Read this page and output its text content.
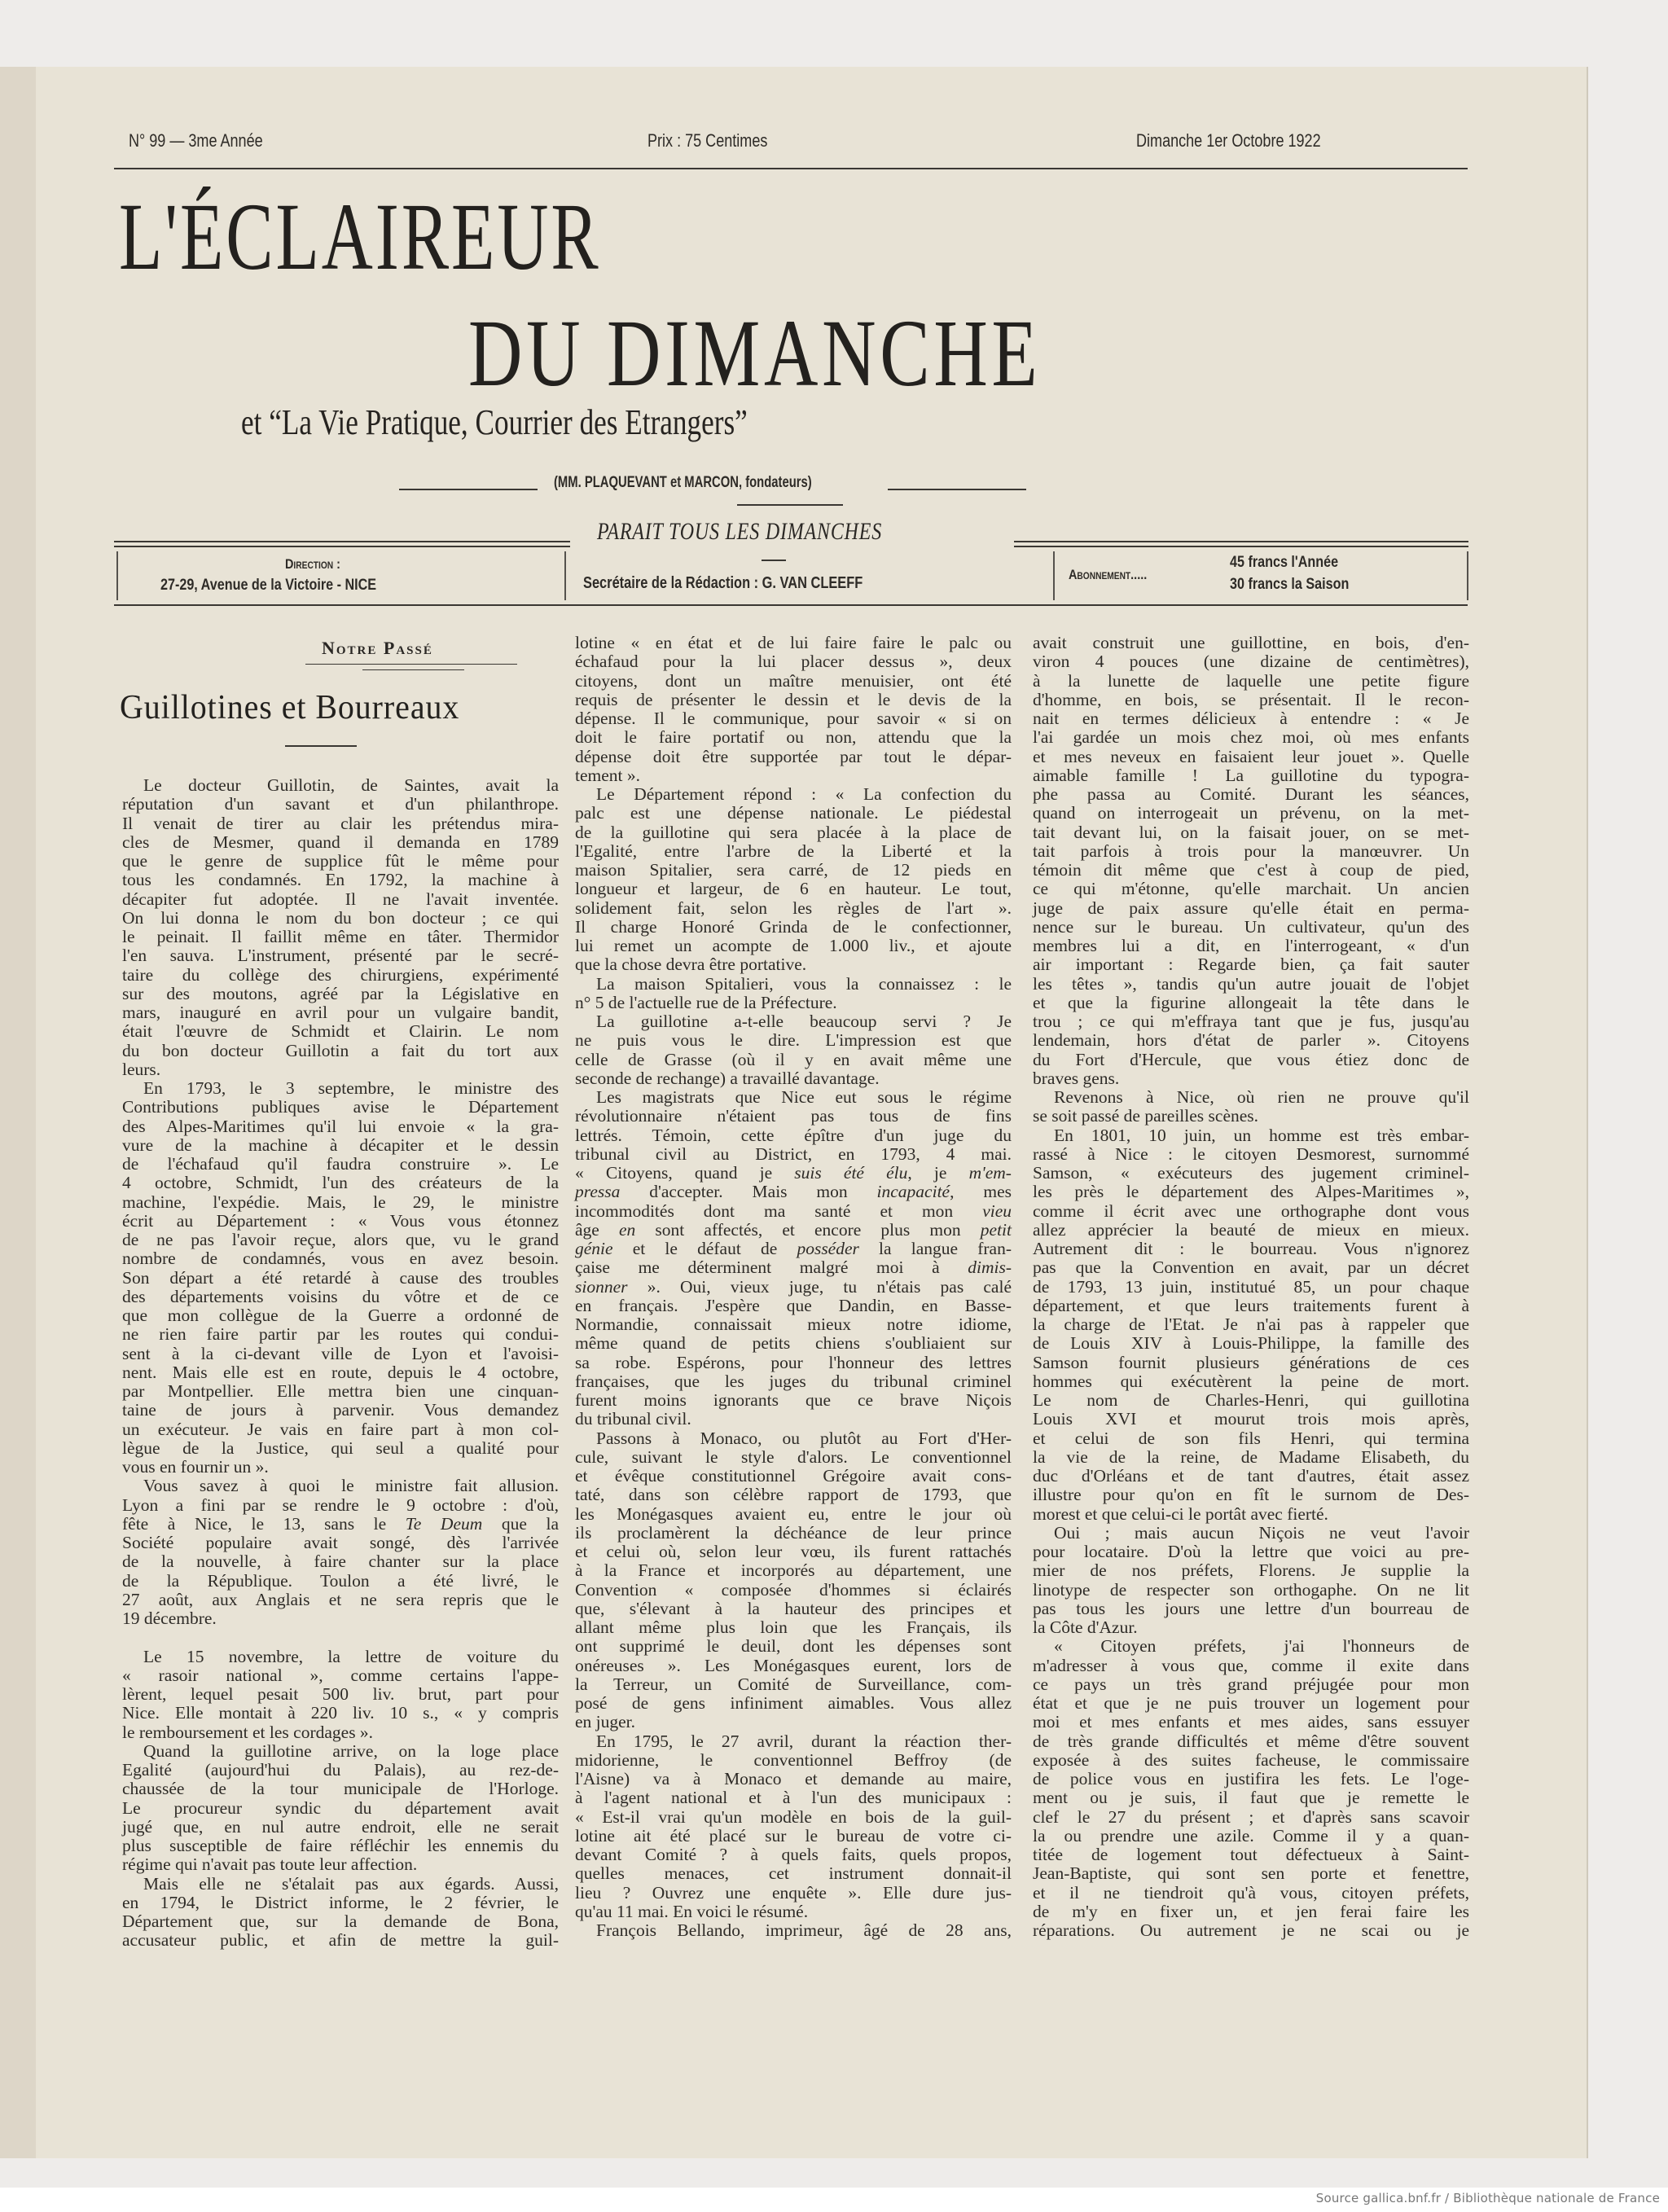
N° 99 — 3me Année	Prix : 75 Centimes	Dimanche 1er Octobre 1922
L'ÉCLAIREUR
DU DIMANCHE
et “La Vie Pratique, Courrier des Etrangers”
(MM. PLAQUEVANT et MARCON, fondateurs)
PARAIT TOUS LES DIMANCHES
Direction :
27-29, Avenue de la Victoire - NICE	Secrétaire de la Rédaction : G. VAN CLEEFF	Abonnement.....
45 francs l'Année
30 francs la Saison
Notre Passé
Guillotines et Bourreaux
Le docteur Guillotin, de Saintes, avait la
réputation d'un savant et d'un philanthrope.
Il venait de tirer au clair les prétendus mira-
cles de Mesmer, quand il demanda en 1789
que le genre de supplice fût le même pour
tous les condamnés. En 1792, la machine à
décapiter fut adoptée. Il ne l'avait inventée.
On lui donna le nom du bon docteur ; ce qui
le peinait. Il faillit même en tâter. Thermidor
l'en sauva. L'instrument, présenté par le secré-
taire du collège des chirurgiens, expérimenté
sur des moutons, agréé par la Législative en
mars, inauguré en avril pour un vulgaire bandit,
était l'œuvre de Schmidt et Clairin. Le nom
du bon docteur Guillotin a fait du tort aux
leurs.
En 1793, le 3 septembre, le ministre des
Contributions publiques avise le Département
des Alpes-Maritimes qu'il lui envoie « la gra-
vure de la machine à décapiter et le dessin
de l'échafaud qu'il faudra construire ». Le
4 octobre, Schmidt, l'un des créateurs de la
machine, l'expédie. Mais, le 29, le ministre
écrit au Département : « Vous vous étonnez
de ne pas l'avoir reçue, alors que, vu le grand
nombre de condamnés, vous en avez besoin.
Son départ a été retardé à cause des troubles
des départements voisins du vôtre et de ce
que mon collègue de la Guerre a ordonné de
ne rien faire partir par les routes qui condui-
sent à la ci-devant ville de Lyon et l'avoisi-
nent. Mais elle est en route, depuis le 4 octobre,
par Montpellier. Elle mettra bien une cinquan-
taine de jours à parvenir. Vous demandez
un exécuteur. Je vais en faire part à mon col-
lègue de la Justice, qui seul a qualité pour
vous en fournir un ».
Vous savez à quoi le ministre fait allusion.
Lyon a fini par se rendre le 9 octobre : d'où,
fête à Nice, le 13, sans le Te Deum que la
Société populaire avait songé, dès l'arrivée
de la nouvelle, à faire chanter sur la place
de la République. Toulon a été livré, le
27 août, aux Anglais et ne sera repris que le
19 décembre.
Le 15 novembre, la lettre de voiture du
« rasoir national », comme certains l'appe-
lèrent, lequel pesait 500 liv. brut, part pour
Nice. Elle montait à 220 liv. 10 s., « y compris
le remboursement et les cordages ».
Quand la guillotine arrive, on la loge place
Egalité (aujourd'hui du Palais), au rez-de-
chaussée de la tour municipale de l'Horloge.
Le procureur syndic du département avait
jugé que, en nul autre endroit, elle ne serait
plus susceptible de faire réfléchir les ennemis du
régime qui n'avait pas toute leur affection.
Mais elle ne s'étalait pas aux égards. Aussi,
en 1794, le District informe, le 2 février, le
Département que, sur la demande de Bona,
accusateur public, et afin de mettre la guil-
lotine « en état et de lui faire faire le palc ou
échafaud pour la lui placer dessus », deux
citoyens, dont un maître menuisier, ont été
requis de présenter le dessin et le devis de la
dépense. Il le communique, pour savoir « si on
doit le faire portatif ou non, attendu que la
dépense doit être supportée par tout le dépar-
tement ».
Le Département répond : « La confection du
palc est une dépense nationale. Le piédestal
de la guillotine qui sera placée à la place de
l'Egalité, entre l'arbre de la Liberté et la
maison Spitalier, sera carré, de 12 pieds en
longueur et largeur, de 6 en hauteur. Le tout,
solidement fait, selon les règles de l'art ».
Il charge Honoré Grinda de le confectionner,
lui remet un acompte de 1.000 liv., et ajoute
que la chose devra être portative.
La maison Spitalieri, vous la connaissez : le
n° 5 de l'actuelle rue de la Préfecture.
La guillotine a-t-elle beaucoup servi ? Je
ne puis vous le dire. L'impression est que
celle de Grasse (où il y en avait même une
seconde de rechange) a travaillé davantage.
Les magistrats que Nice eut sous le régime
révolutionnaire n'étaient pas tous de fins
lettrés. Témoin, cette épître d'un juge du
tribunal civil au District, en 1793, 4 mai.
« Citoyens, quand je suis été élu, je m'em-
pressa d'accepter. Mais mon incapacité, mes
incommodités dont ma santé et mon vieu
âge en sont affectés, et encore plus mon petit
génie et le défaut de posséder la langue fran-
çaise me déterminent malgré moi à dimis-
sionner ». Oui, vieux juge, tu n'étais pas calé
en français. J'espère que Dandin, en Basse-
Normandie, connaissait mieux notre idiome,
même quand de petits chiens s'oubliaient sur
sa robe. Espérons, pour l'honneur des lettres
françaises, que les juges du tribunal criminel
furent moins ignorants que ce brave Niçois
du tribunal civil.
Passons à Monaco, ou plutôt au Fort d'Her-
cule, suivant le style d'alors. Le conventionnel
et évêque constitutionnel Grégoire avait cons-
taté, dans son célèbre rapport de 1793, que
les Monégasques avaient eu, entre le jour où
ils proclamèrent la déchéance de leur prince
et celui où, selon leur vœu, ils furent rattachés
à la France et incorporés au département, une
Convention « composée d'hommes si éclairés
que, s'élevant à la hauteur des principes et
allant même plus loin que les Français, ils
ont supprimé le deuil, dont les dépenses sont
onéreuses ». Les Monégasques eurent, lors de
la Terreur, un Comité de Surveillance, com-
posé de gens infiniment aimables. Vous allez
en juger.
En 1795, le 27 avril, durant la réaction ther-
midorienne, le conventionnel Beffroy (de
l'Aisne) va à Monaco et demande au maire,
à l'agent national et à l'un des municipaux :
« Est-il vrai qu'un modèle en bois de la guil-
lotine ait été placé sur le bureau de votre ci-
devant Comité ? à quels faits, quels propos,
quelles menaces, cet instrument donnait-il
lieu ? Ouvrez une enquête ». Elle dure jus-
qu'au 11 mai. En voici le résumé.
François Bellando, imprimeur, âgé de 28 ans,
avait construit une guillottine, en bois, d'en-
viron 4 pouces (une dizaine de centimètres),
à la lunette de laquelle une petite figure
d'homme, en bois, se présentait. Il le recon-
nait en termes délicieux à entendre : « Je
l'ai gardée un mois chez moi, où mes enfants
et mes neveux en faisaient leur jouet ». Quelle
aimable famille ! La guillotine du typogra-
phe passa au Comité. Durant les séances,
quand on interrogeait un prévenu, on la met-
tait devant lui, on la faisait jouer, on se met-
tait parfois à trois pour la manœuvrer. Un
témoin dit même que c'est à coup de pied,
ce qui m'étonne, qu'elle marchait. Un ancien
juge de paix assure qu'elle était en perma-
nence sur le bureau. Un cultivateur, qu'un des
membres lui a dit, en l'interrogeant, « d'un
air important : Regarde bien, ça fait sauter
les têtes », tandis qu'un autre jouait de l'objet
et que la figurine allongeait la tête dans le
trou ; ce qui m'effraya tant que je fus, jusqu'au
lendemain, hors d'état de parler ». Citoyens
du Fort d'Hercule, que vous étiez donc de
braves gens.
Revenons à Nice, où rien ne prouve qu'il
se soit passé de pareilles scènes.
En 1801, 10 juin, un homme est très embar-
rassé à Nice : le citoyen Desmorest, surnommé
Samson, « exécuteurs des jugement criminel-
les près le département des Alpes-Maritimes »,
comme il écrit avec une orthographe dont vous
allez apprécier la beauté de mieux en mieux.
Autrement dit : le bourreau. Vous n'ignorez
pas que la Convention en avait, par un décret
de 1793, 13 juin, institutué 85, un pour chaque
département, et que leurs traitements furent à
la charge de l'Etat. Je n'ai pas à rappeler que
de Louis XIV à Louis-Philippe, la famille des
Samson fournit plusieurs générations de ces
hommes qui exécutèrent la peine de mort.
Le nom de Charles-Henri, qui guillotina
Louis XVI et mourut trois mois après,
et celui de son fils Henri, qui termina
la vie de la reine, de Madame Elisabeth, du
duc d'Orléans et de tant d'autres, était assez
illustre pour qu'on en fît le surnom de Des-
morest et que celui-ci le portât avec fierté.
Oui ; mais aucun Niçois ne veut l'avoir
pour locataire. D'où la lettre que voici au pre-
mier de nos préfets, Florens. Je supplie la
linotype de respecter son orthogaphe. On ne lit
pas tous les jours une lettre d'un bourreau de
la Côte d'Azur.
« Citoyen préfets, j'ai l'honneurs de
m'adresser à vous que, comme il exite dans
ce pays un très grand préjugée pour mon
état et que je ne puis trouver un logement pour
moi et mes enfants et mes aides, sans essuyer
de très grande difficultés et même d'être souvent
exposée à des suites facheuse, le commissaire
de police vous en justifira les fets. Le l'oge-
ment ou je suis, il faut que je remette le
clef le 27 du présent ; et d'après sans scavoir
la ou prendre une azile. Comme il y a quan-
titée de logement tout défectueux à Saint-
Jean-Baptiste, qui sont sen porte et fenettre,
et il ne tiendroit qu'à vous, citoyen préfets,
de m'y en fixer un, et jen ferai faire les
réparations. Ou autrement je ne scai ou je
Source gallica.bnf.fr / Bibliothèque nationale de France
